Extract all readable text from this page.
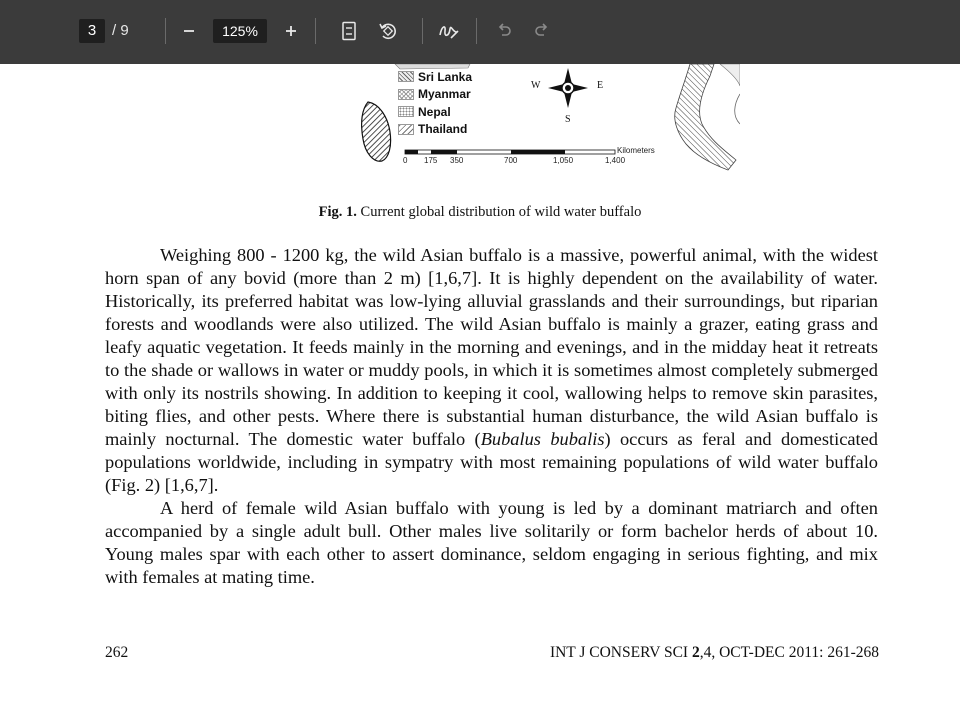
3	/ 9	125%
Sri Lanka
Myanmar
Nepal
Thailand
W	E
S
0 175 350	700	1,050	1,400
Kilometers
Fig. 1. Current global distribution of wild water buffalo

Weighing 800 - 1200 kg, the wild Asian buffalo is a massive, powerful animal, with the widest horn span of any bovid (more than 2 m) [1,6,7]. It is highly dependent on the availability of water. Historically, its preferred habitat was low-lying alluvial grasslands and their surroundings, but riparian forests and woodlands were also utilized. The wild Asian buffalo is mainly a grazer, eating grass and leafy aquatic vegetation. It feeds mainly in the morning and evenings, and in the midday heat it retreats to the shade or wallows in water or muddy pools, in which it is sometimes almost completely submerged with only its nostrils showing. In addition to keeping it cool, wallowing helps to remove skin parasites, biting flies, and other pests. Where there is substantial human disturbance, the wild Asian buffalo is mainly nocturnal. The domestic water buffalo (Bubalus bubalis) occurs as feral and domesticated populations worldwide, including in sympatry with most remaining populations of wild water buffalo (Fig. 2) [1,6,7].

A herd of female wild Asian buffalo with young is led by a dominant matriarch and often accompanied by a single adult bull. Other males live solitarily or form bachelor herds of about 10. Young males spar with each other to assert dominance, seldom engaging in serious fighting, and mix with females at mating time.

262	INT J CONSERV SCI 2,4, OCT-DEC 2011: 261-268
